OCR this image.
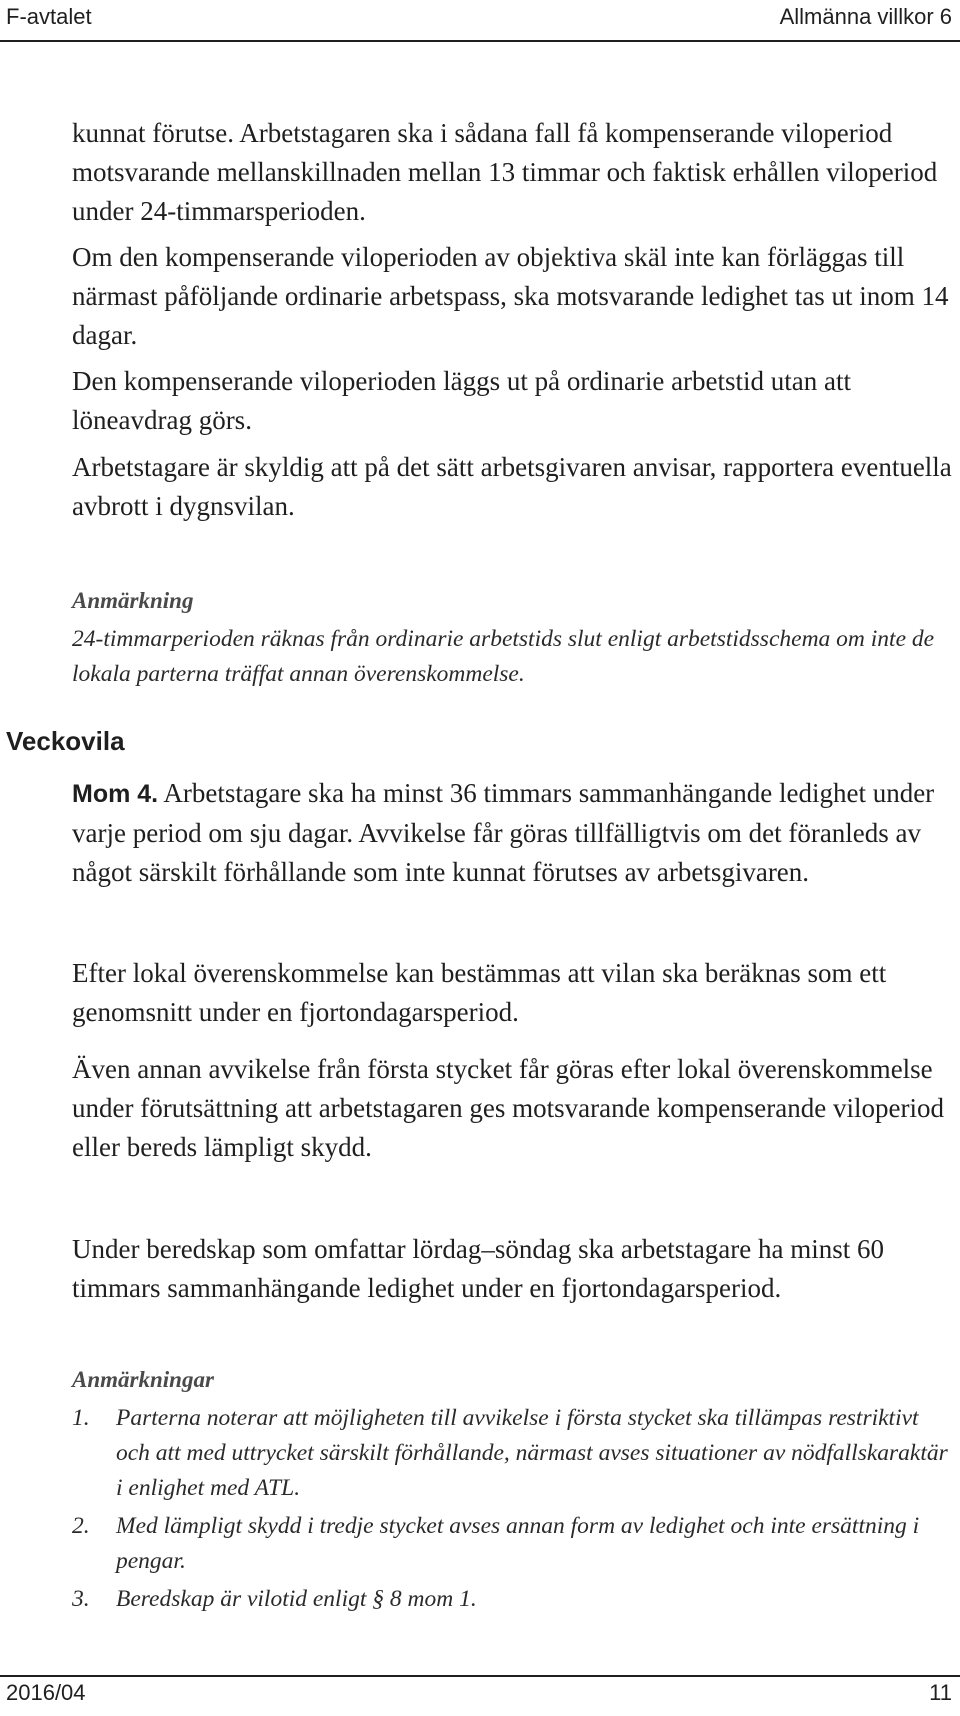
F-avtalet	Allmänna villkor 6

kunnat förutse. Arbetstagaren ska i sådana fall få kompenserande viloperiod motsvarande mellanskillnaden mellan 13 timmar och faktisk erhållen viloperiod under 24-timmarsperioden.

Om den kompenserande viloperioden av objektiva skäl inte kan förläggas till närmast påföljande ordinarie arbetspass, ska motsvarande ledighet tas ut inom 14 dagar.

Den kompenserande viloperioden läggs ut på ordinarie arbetstid utan att löneavdrag görs.

Arbetstagare är skyldig att på det sätt arbetsgivaren anvisar, rapportera eventuella avbrott i dygnsvilan.

Anmärkning

24-timmarperioden räknas från ordinarie arbetstids slut enligt arbetstidsschema om inte de lokala parterna träffat annan överenskommelse.

Veckovila

Mom 4. Arbetstagare ska ha minst 36 timmars sammanhängande ledighet under varje period om sju dagar. Avvikelse får göras tillfälligtvis om det föranleds av något särskilt förhållande som inte kunnat förutses av arbetsgivaren.

Efter lokal överenskommelse kan bestämmas att vilan ska beräknas som ett genomsnitt under en fjortondagarsperiod.

Även annan avvikelse från första stycket får göras efter lokal överenskommelse under förutsättning att arbetstagaren ges motsvarande kompenserande viloperiod eller bereds lämpligt skydd.

Under beredskap som omfattar lördag–söndag ska arbetstagare ha minst 60 timmars sammanhängande ledighet under en fjortondagarsperiod.

Anmärkningar

1. Parterna noterar att möjligheten till avvikelse i första stycket ska tillämpas restriktivt och att med uttrycket särskilt förhållande, närmast avses situationer av nödfallskaraktär i enlighet med ATL.
2. Med lämpligt skydd i tredje stycket avses annan form av ledighet och inte ersättning i pengar.
3. Beredskap är vilotid enligt § 8 mom 1.
2016/04	11
